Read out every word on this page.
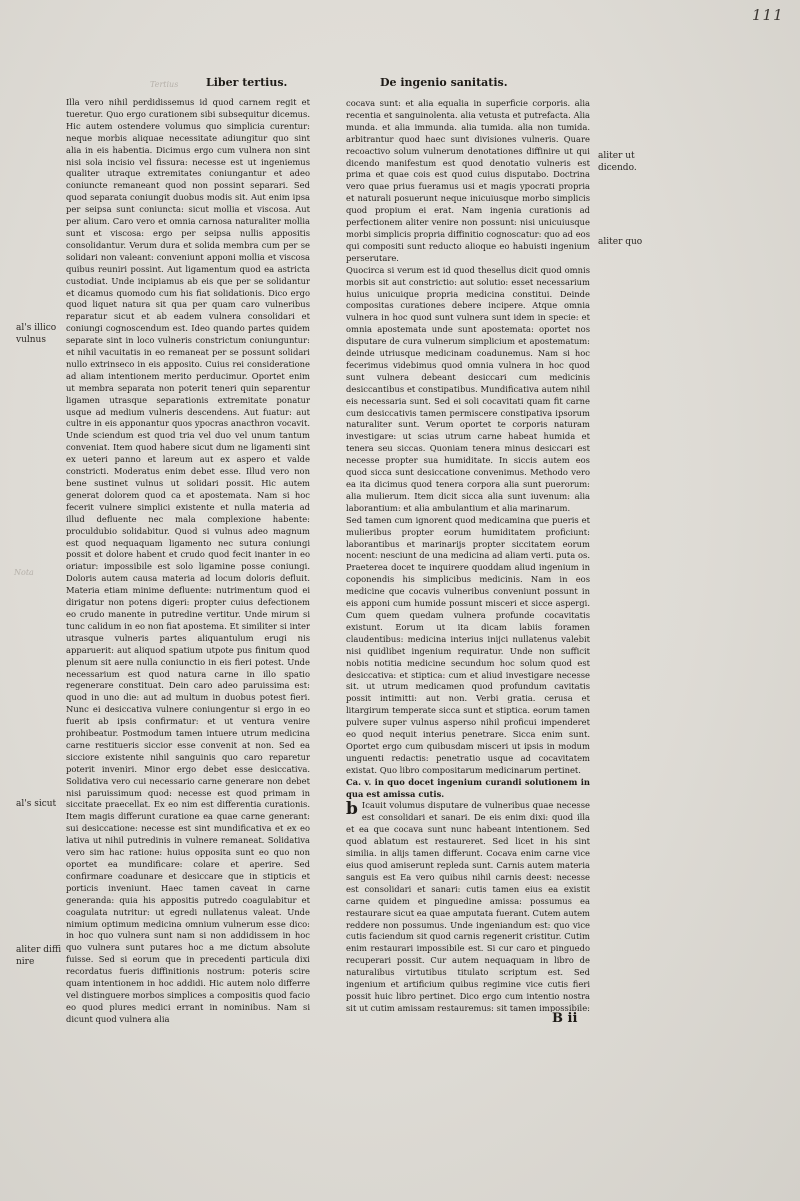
111
Tertius
Nota
Liber tertius.	De ingenio sanitatis.

Illa vero nihil perdidissemus id quod carnem regit et tueretur. Quo ergo curationem sibi subsequitur dicemus. Hic autem ostendere volumus quo simplicia curentur: neque morbis aliquae necessitate adiungitur quo sint alia in eis habentia. Dicimus ergo cum vulnera non sint nisi sola incisio vel fissura: necesse est ut ingeniemus qualiter utraque extremitates coniungantur et adeo coniuncte remaneant quod non possint separari. Sed quod separata coniungit duobus modis sit. Aut enim ipsa per seipsa sunt coniuncta: sicut mollia et viscosa. Aut per alium. Caro vero et omnia carnosa naturaliter mollia sunt et viscosa: ergo per seipsa nullis appositis consolidantur. Verum dura et solida membra cum per se solidari non valeant: conveniunt apponi mollia et viscosa quibus reuniri possint. Aut ligamentum quod ea astricta custodiat. Unde incipiamus ab eis que per se solidantur et dicamus quomodo cum his fiat solidationis. Dico ergo quod liquet natura sit qua per quam caro vulneribus reparatur sicut et ab eadem vulnera consolidari et coniungi cognoscendum est. Ideo quando partes quidem separate sint in loco vulneris constrictum coniunguntur: et nihil vacuitatis in eo remaneat per se possunt solidari nullo extrinseco in eis apposito. Cuius rei consideratione ad aliam intentionem merito perducimur. Oportet enim ut membra separata non poterit teneri quin separentur ligamen utrasque separationis extremitate ponatur usque ad medium vulneris descendens. Aut fuatur: aut cultre in eis apponantur quos ypocras anacthron vocavit. Unde sciendum est quod tria vel duo vel unum tantum conveniat. Item quod habere sicut dum ne ligamenti sint ex ueteri panno et lareum aut ex aspero et valde constricti. Moderatus enim debet esse. Illud vero non bene sustinet vulnus ut solidari possit. Hic autem generat dolorem quod ca et apostemata. Nam si hoc fecerit vulnere simplici existente et nulla materia ad illud defluente nec mala complexione habente: proculdubio solidabitur. Quod si vulnus adeo magnum est quod nequaquam ligamento nec sutura coniungi possit et dolore habent et crudo quod fecit inanter in eo oriatur: impossibile est solo ligamine posse coniungi. Doloris autem causa materia ad locum doloris defluit. Materia etiam minime defluente: nutrimentum quod ei dirigatur non potens digeri: propter cuius defectionem eo crudo manente in putredine vertitur. Unde mirum si tunc calidum in eo non fiat apostema. Et similiter si inter utrasque vulneris partes aliquantulum erugi nis apparuerit: aut aliquod spatium utpote pus finitum quod plenum sit aere nulla coniunctio in eis fieri potest. Unde necessarium est quod natura carne in illo spatio regenerare constituat. Dein caro adeo paruissima est: quod in uno die: aut ad multum in duobus potest fieri. Nunc ei desiccativa vulnere coniungentur si ergo in eo fuerit ab ipsis confirmatur: et ut ventura venire prohibeatur. Postmodum tamen intuere utrum medicina carne restitueris siccior esse convenit at non. Sed ea sicciore existente nihil sanguinis quo caro reparetur poterit inveniri. Minor ergo debet esse desiccativa. Solidativa vero cui necessario carne generare non debet nisi paruissimum quod: necesse est quod primam in siccitate praecellat. Ex eo nim est differentia curationis. Item magis differunt curatione ea quae carne generant: sui desiccatione: necesse est sint mundificativa et ex eo lativa ut nihil putredinis in vulnere remaneat. Solidativa vero sim hac ratione: huius opposita sunt eo quo non oportet ea mundificare: colare et aperire. Sed confirmare coadunare et desiccare que in stipticis et porticis inveniunt. Haec tamen caveat in carne generanda: quia his appositis putredo coagulabitur et coagulata nutritur: ut egredi nullatenus valeat. Unde nimium optimum medicina omnium vulnerum esse dico: in hoc quo vulnera sunt nam si non addidissem in hoc quo vulnera sunt putares hoc a me dictum absolute fuisse. Sed si eorum que in precedenti particula dixi recordatus fueris diffinitionis nostrum: poteris scire quam intentionem in hoc addidi. Hic autem nolo differre vel distinguere morbos simplices a compositis quod facio eo quod plures medici errant in nominibus. Nam si dicunt quod vulnera alia

cocava sunt: et alia equalia in superficie corporis. alia recentia et sanguinolenta. alia vetusta et putrefacta. Alia munda. et alia immunda. alia tumida. alia non tumida. arbitrantur quod haec sunt divisiones vulneris. Quare recoactivo solum vulnerum denotationes diffinire ut qui dicendo manifestum est quod denotatio vulneris est prima et quae cois est quod cuius disputabo. Doctrina vero quae prius fueramus usi et magis ypocrati propria et naturali posuerunt neque inicuiusque morbo simplicis quod propium ei erat. Nam ingenia curationis ad perfectionem aliter venire non possunt: nisi unicuiusque morbi simplicis propria diffinitio cognoscatur: quo ad eos qui compositi sunt reducto alioque eo habuisti ingenium perserutare.

Quocirca si verum est id quod thesellus dicit quod omnis morbis sit aut constrictio: aut solutio: esset necessarium huius unicuique propria medicina constitui. Deinde compositas curationes debere incipere. Atque omnia vulnera in hoc quod sunt vulnera sunt idem in specie: et omnia apostemata unde sunt apostemata: oportet nos disputare de cura vulnerum simplicium et apostematum: deinde utriusque medicinam coadunemus. Nam si hoc fecerimus videbimus quod omnia vulnera in hoc quod sunt vulnera debeant desiccari cum medicinis desiccantibus et constipatibus. Mundificativa autem nihil eis necessaria sunt. Sed ei soli cocavitati quam fit carne cum desiccativis tamen permiscere constipativa ipsorum naturaliter sunt. Verum oportet te corporis naturam investigare: ut scias utrum carne habeat humida et tenera seu siccas. Quoniam tenera minus desiccari est necesse propter sua humiditate. In siccis autem eos quod sicca sunt desiccatione convenimus. Methodo vero ea ita dicimus quod tenera corpora alia sunt puerorum: alia mulierum. Item dicit sicca alia sunt iuvenum: alia laborantium: et alia ambulantium et alia marinarum.

Sed tamen cum ignorent quod medicamina que pueris et mulieribus propter eorum humiditatem proficiunt: laborantibus et marinarijs propter siccitatem eorum nocent: nesciunt de una medicina ad aliam verti. puta os. Praeterea docet te inquirere quoddam aliud ingenium in coponendis his simplicibus medicinis. Nam in eos medicine que cocavis vulneribus conveniunt possunt in eis apponi cum humide possunt misceri et sicce aspergi. Cum quem quedam vulnera profunde cocavitatis existunt. Eorum ut ita dicam labiis foramen claudentibus: medicina interius inijci nullatenus valebit nisi quidlibet ingenium requiratur. Unde non sufficit nobis notitia medicine secundum hoc solum quod est desiccativa: et stiptica: cum et aliud investigare necesse sit. ut utrum medicamen quod profundum cavitatis possit intimitti: aut non. Verbi gratia. cerusa et litargirum temperate sicca sunt et stiptica. eorum tamen pulvere super vulnus asperso nihil proficui impenderet eo quod nequit interius penetrare. Sicca enim sunt. Oportet ergo cum quibusdam misceri ut ipsis in modum unguenti redactis: penetratio usque ad cocavitatem existat. Quo libro compositarum medicinarum pertinet.

Ca. v. in quo docet ingenium curandi solutionem in qua est amissa cutis.

b Icauit volumus disputare de vulneribus quae necesse est consolidari et sanari. De eis enim dixi: quod illa et ea que cocava sunt nunc habeant intentionem. Sed quod ablatum est restaureret. Sed licet in his sint similia. in alijs tamen differunt. Cocava enim carne vice eius quod amiserunt repleda sunt. Carnis autem materia sanguis est Ea vero quibus nihil carnis deest: necesse est consolidari et sanari: cutis tamen eius ea existit carne quidem et pinguedine amissa: possumus ea restaurare sicut ea quae amputata fuerant. Cutem autem reddere non possumus. Unde ingeniandum est: quo vice cutis faciendum sit quod carnis regenerit cristitur. Cutim enim restaurari impossibile est. Si cur caro et pinguedo recuperari possit. Cur autem nequaquam in libro de naturalibus virtutibus titulato scriptum est. Sed ingenium et artificium quibus regimine vice cutis fieri possit huic libro pertinet. Dico ergo cum intentio nostra sit ut cutim amissam restauremus: sit tamen impossibile:

al's illico
vulnus
al's sicut
aliter diffi
nire
aliter ut dicendo.
aliter quo
B ii
